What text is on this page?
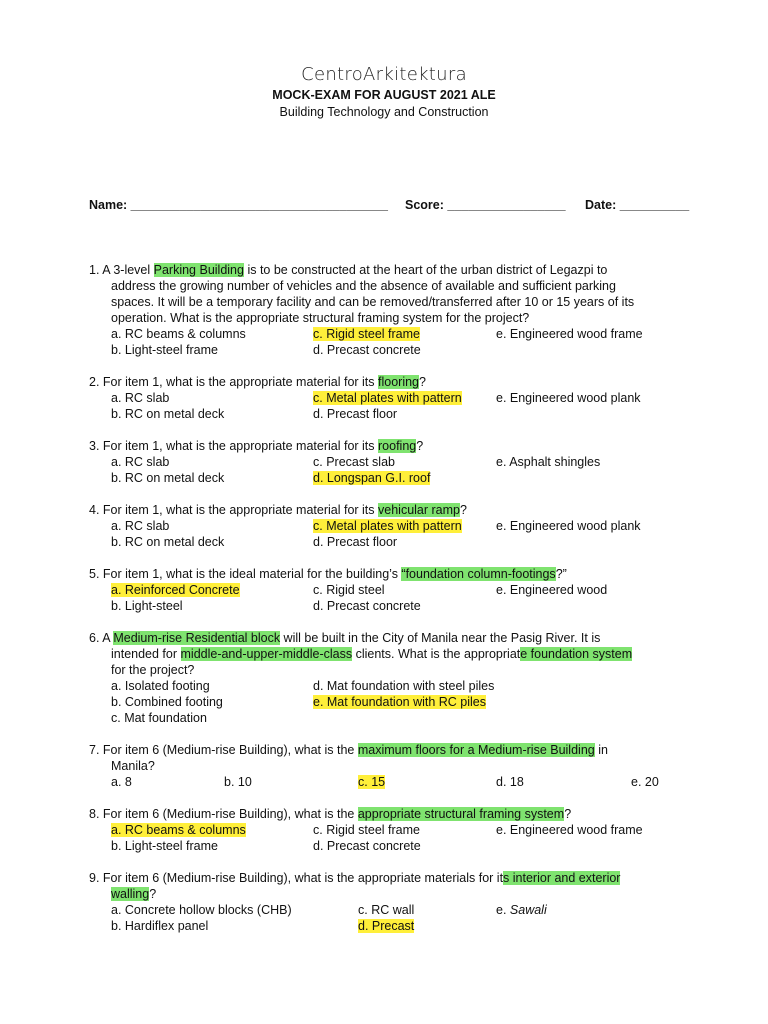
CentroArkitektura
MOCK-EXAM FOR AUGUST 2021 ALE
Building Technology and Construction
Name: _____________________________________ Score: _________________ Date: __________
1. A 3-level Parking Building is to be constructed at the heart of the urban district of Legazpi to
address the growing number of vehicles and the absence of available and sufficient parking
spaces. It will be a temporary facility and can be removed/transferred after 10 or 15 years of its
operation. What is the appropriate structural framing system for the project?
a. RC beams & columns	c. Rigid steel frame	e. Engineered wood frame
b. Light-steel frame	d. Precast concrete
2. For item 1, what is the appropriate material for its flooring?
a. RC slab	c. Metal plates with pattern	e. Engineered wood plank
b. RC on metal deck	d. Precast floor
3. For item 1, what is the appropriate material for its roofing?
a. RC slab	c. Precast slab	e. Asphalt shingles
b. RC on metal deck	d. Longspan G.I. roof
4. For item 1, what is the appropriate material for its vehicular ramp?
a. RC slab	c. Metal plates with pattern	e. Engineered wood plank
b. RC on metal deck	d. Precast floor
5. For item 1, what is the ideal material for the building’s “foundation column-footings?”
a. Reinforced Concrete	c. Rigid steel	e. Engineered wood
b. Light-steel	d. Precast concrete
6. A Medium-rise Residential block will be built in the City of Manila near the Pasig River. It is
intended for middle-and-upper-middle-class clients. What is the appropriate foundation system
for the project?
a. Isolated footing	d. Mat foundation with steel piles
b. Combined footing	e. Mat foundation with RC piles
c. Mat foundation
7. For item 6 (Medium-rise Building), what is the maximum floors for a Medium-rise Building in
Manila?
a. 8	b. 10	c. 15	d. 18	e. 20
8. For item 6 (Medium-rise Building), what is the appropriate structural framing system?
a. RC beams & columns	c. Rigid steel frame	e. Engineered wood frame
b. Light-steel frame	d. Precast concrete
9. For item 6 (Medium-rise Building), what is the appropriate materials for its interior and exterior
walling?
a. Concrete hollow blocks (CHB)	c. RC wall	e. Sawali
b. Hardiflex panel	d. Precast
